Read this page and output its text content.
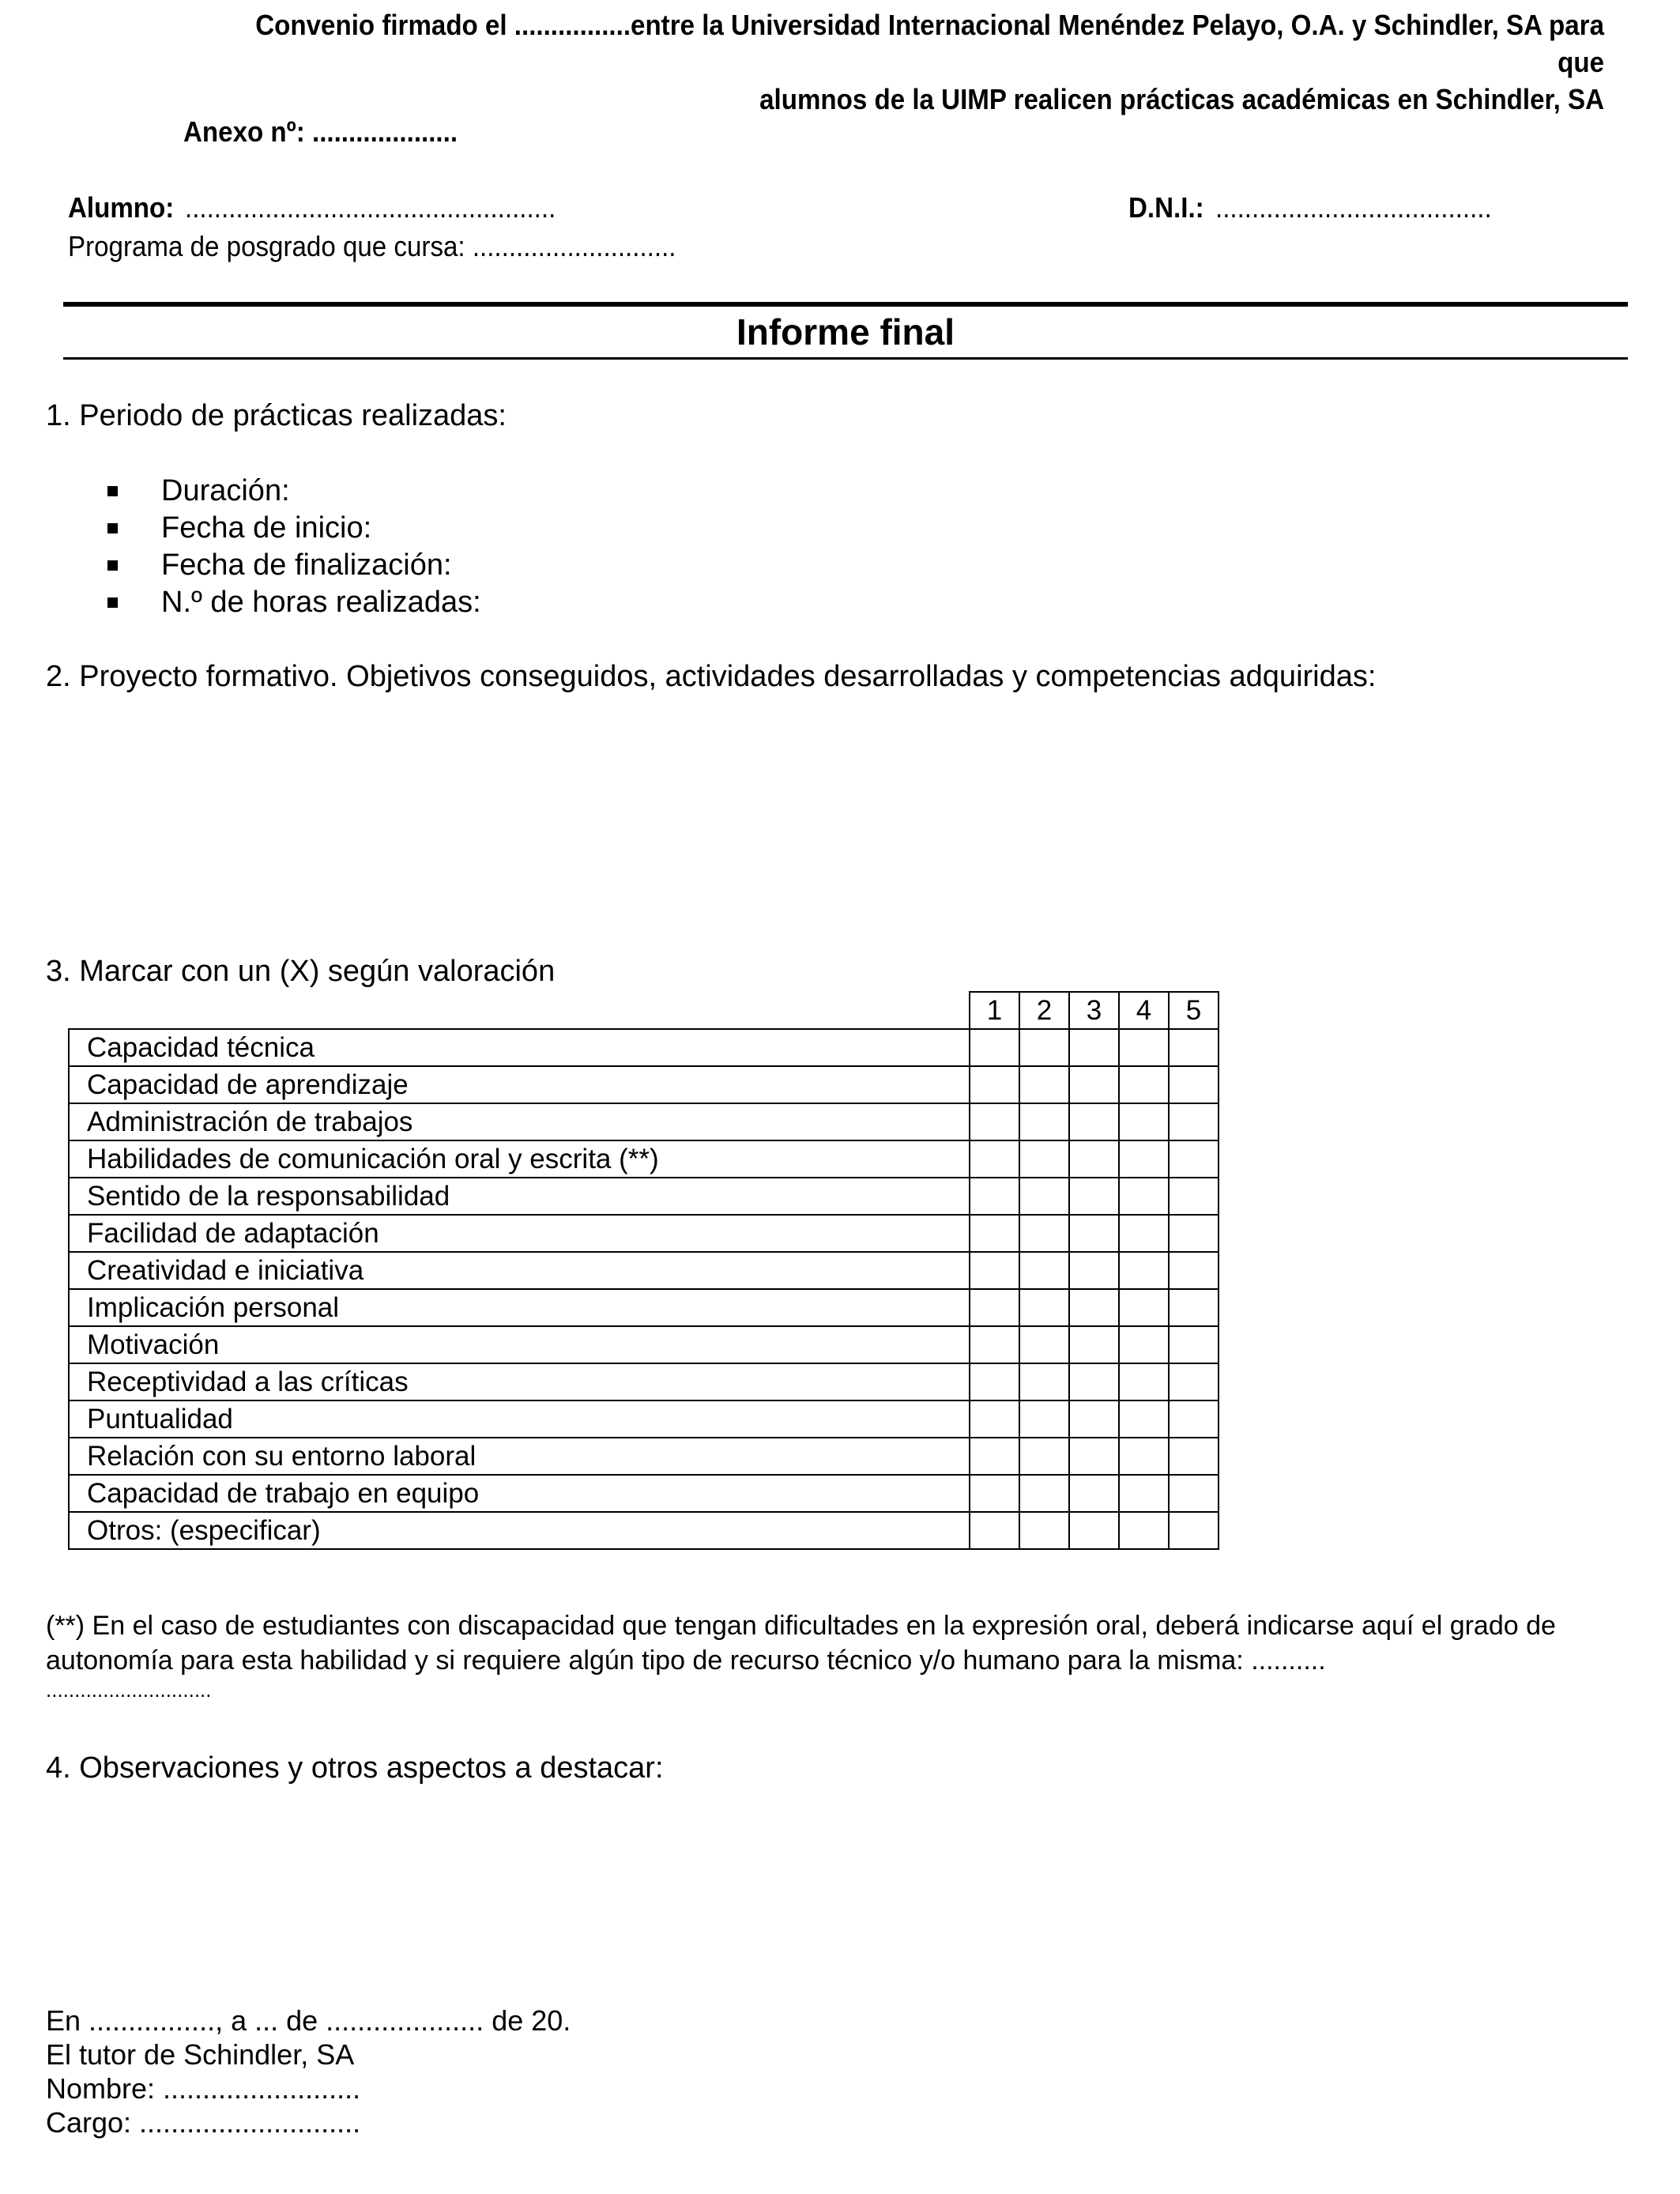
Convenio firmado el ................entre la Universidad Internacional Menéndez Pelayo, O.A. y Schindler, SA para que
alumnos de la UIMP realicen prácticas académicas en Schindler, SA
Anexo nº: ....................
Alumno: ...................................................	D.N.I.: ......................................
Programa de posgrado que cursa: ............................
Informe final
1. Periodo de prácticas realizadas:
Duración:
Fecha de inicio:
Fecha de finalización:
N.º de horas realizadas:
2. Proyecto formativo. Objetivos conseguidos, actividades desarrolladas y competencias adquiridas:
3. Marcar con un (X) según valoración
	1	2	3	4	5
Capacidad técnica					
Capacidad de aprendizaje					
Administración de trabajos					
Habilidades de comunicación oral y escrita (**)					
Sentido de la responsabilidad					
Facilidad de adaptación					
Creatividad e iniciativa					
Implicación personal					
Motivación					
Receptividad a las críticas					
Puntualidad					
Relación con su entorno laboral					
Capacidad de trabajo en equipo					
Otros: (especificar)					
(**) En el caso de estudiantes con discapacidad que tengan dificultades en la expresión oral, deberá indicarse aquí el grado de
autonomía para esta habilidad y si requiere algún tipo de recurso técnico y/o humano para la misma: ..........
.............................
4. Observaciones y otros aspectos a destacar:
En ................, a ... de .................... de 20.
El tutor de Schindler, SA
Nombre: .........................
Cargo: ............................
